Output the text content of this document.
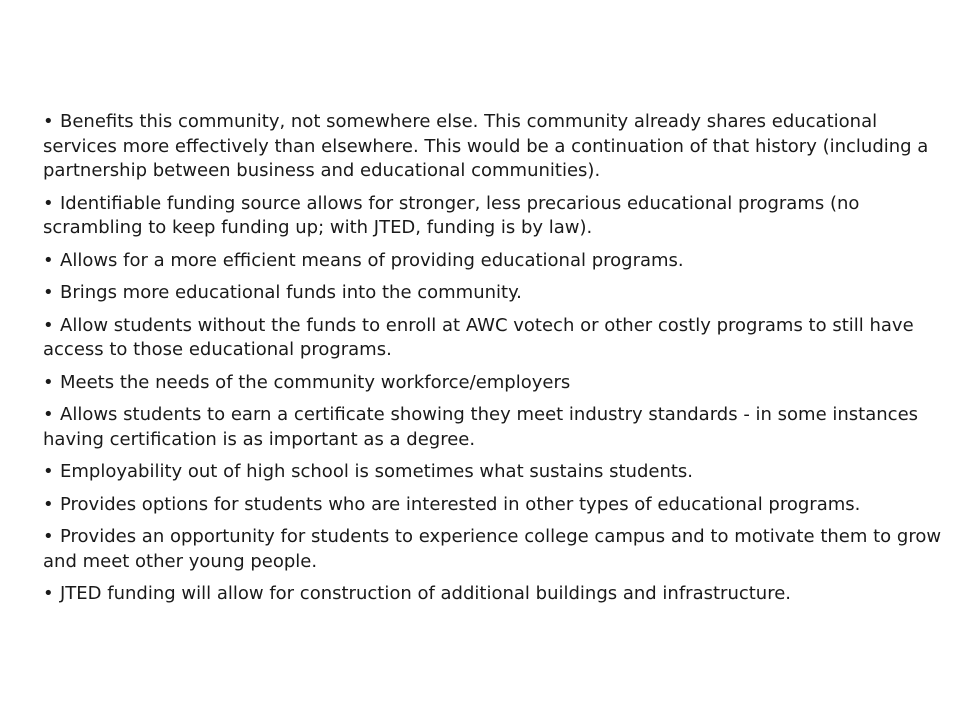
• Benefits this community, not somewhere else. This community already shares educational services more effectively than elsewhere. This would be a continuation of that history (including a partnership between business and educational communities).
• Identifiable funding source allows for stronger, less precarious educational programs (no scrambling to keep funding up; with JTED, funding is by law).
• Allows for a more efficient means of providing educational programs.
• Brings more educational funds into the community.
• Allow students without the funds to enroll at AWC votech or other costly programs to still have access to those educational programs.
• Meets the needs of the community workforce/employers
• Allows students to earn a certificate showing they meet industry standards - in some instances having certification is as important as a degree.
• Employability out of high school is sometimes what sustains students.
• Provides options for students who are interested in other types of educational programs.
• Provides an opportunity for students to experience college campus and to motivate them to grow and meet other young people.
• JTED funding will allow for construction of additional buildings and infrastructure.
